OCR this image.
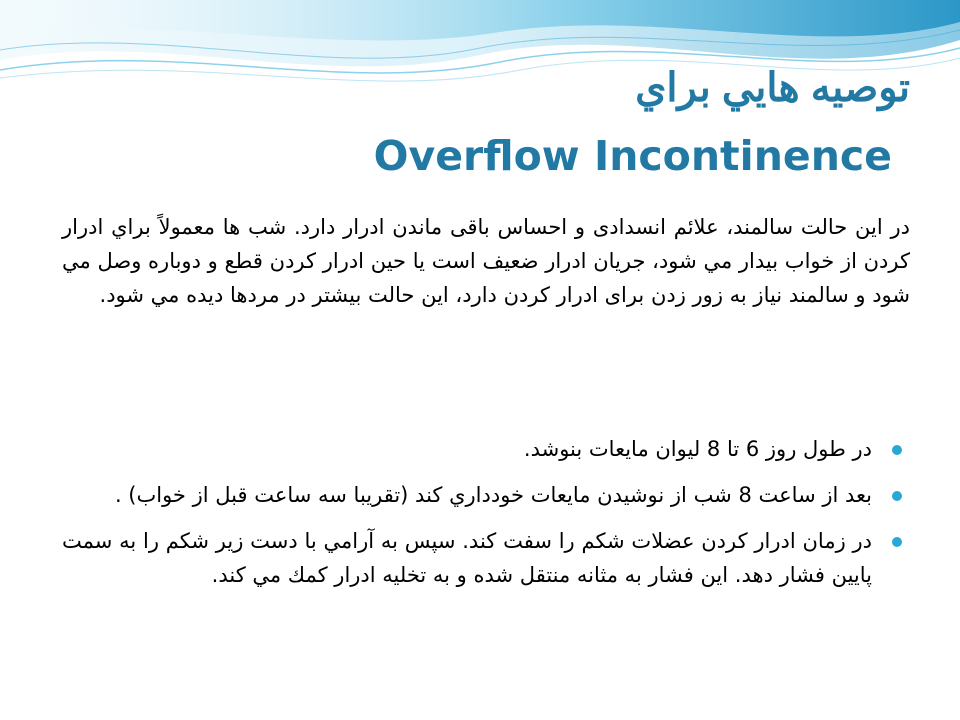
توصيه هايي براي
Overflow Incontinence

در این حالت سالمند، علائم انسدادی و احساس باقی ماندن ادرار دارد. شب ها معمولاً براي ادرار كردن از خواب بيدار مي شود، جريان ادرار ضعيف است يا حين ادرار كردن قطع و دوباره وصل مي شود و سالمند نياز به زور زدن برای ادرار كردن دارد، اين حالت بيشتر در مردها ديده مي شود.

در طول روز 6 تا 8 ليوان مايعات بنوشد.
بعد از ساعت 8 شب از نوشيدن مايعات خودداري كند (تقريبا سه ساعت قبل از خواب) .
در زمان ادرار كردن عضلات شكم را سفت كند. سپس به آرامي با دست زير شكم را به سمت پايين فشار دهد. اين فشار به مثانه منتقل شده و به تخليه ادرار كمك مي كند.
